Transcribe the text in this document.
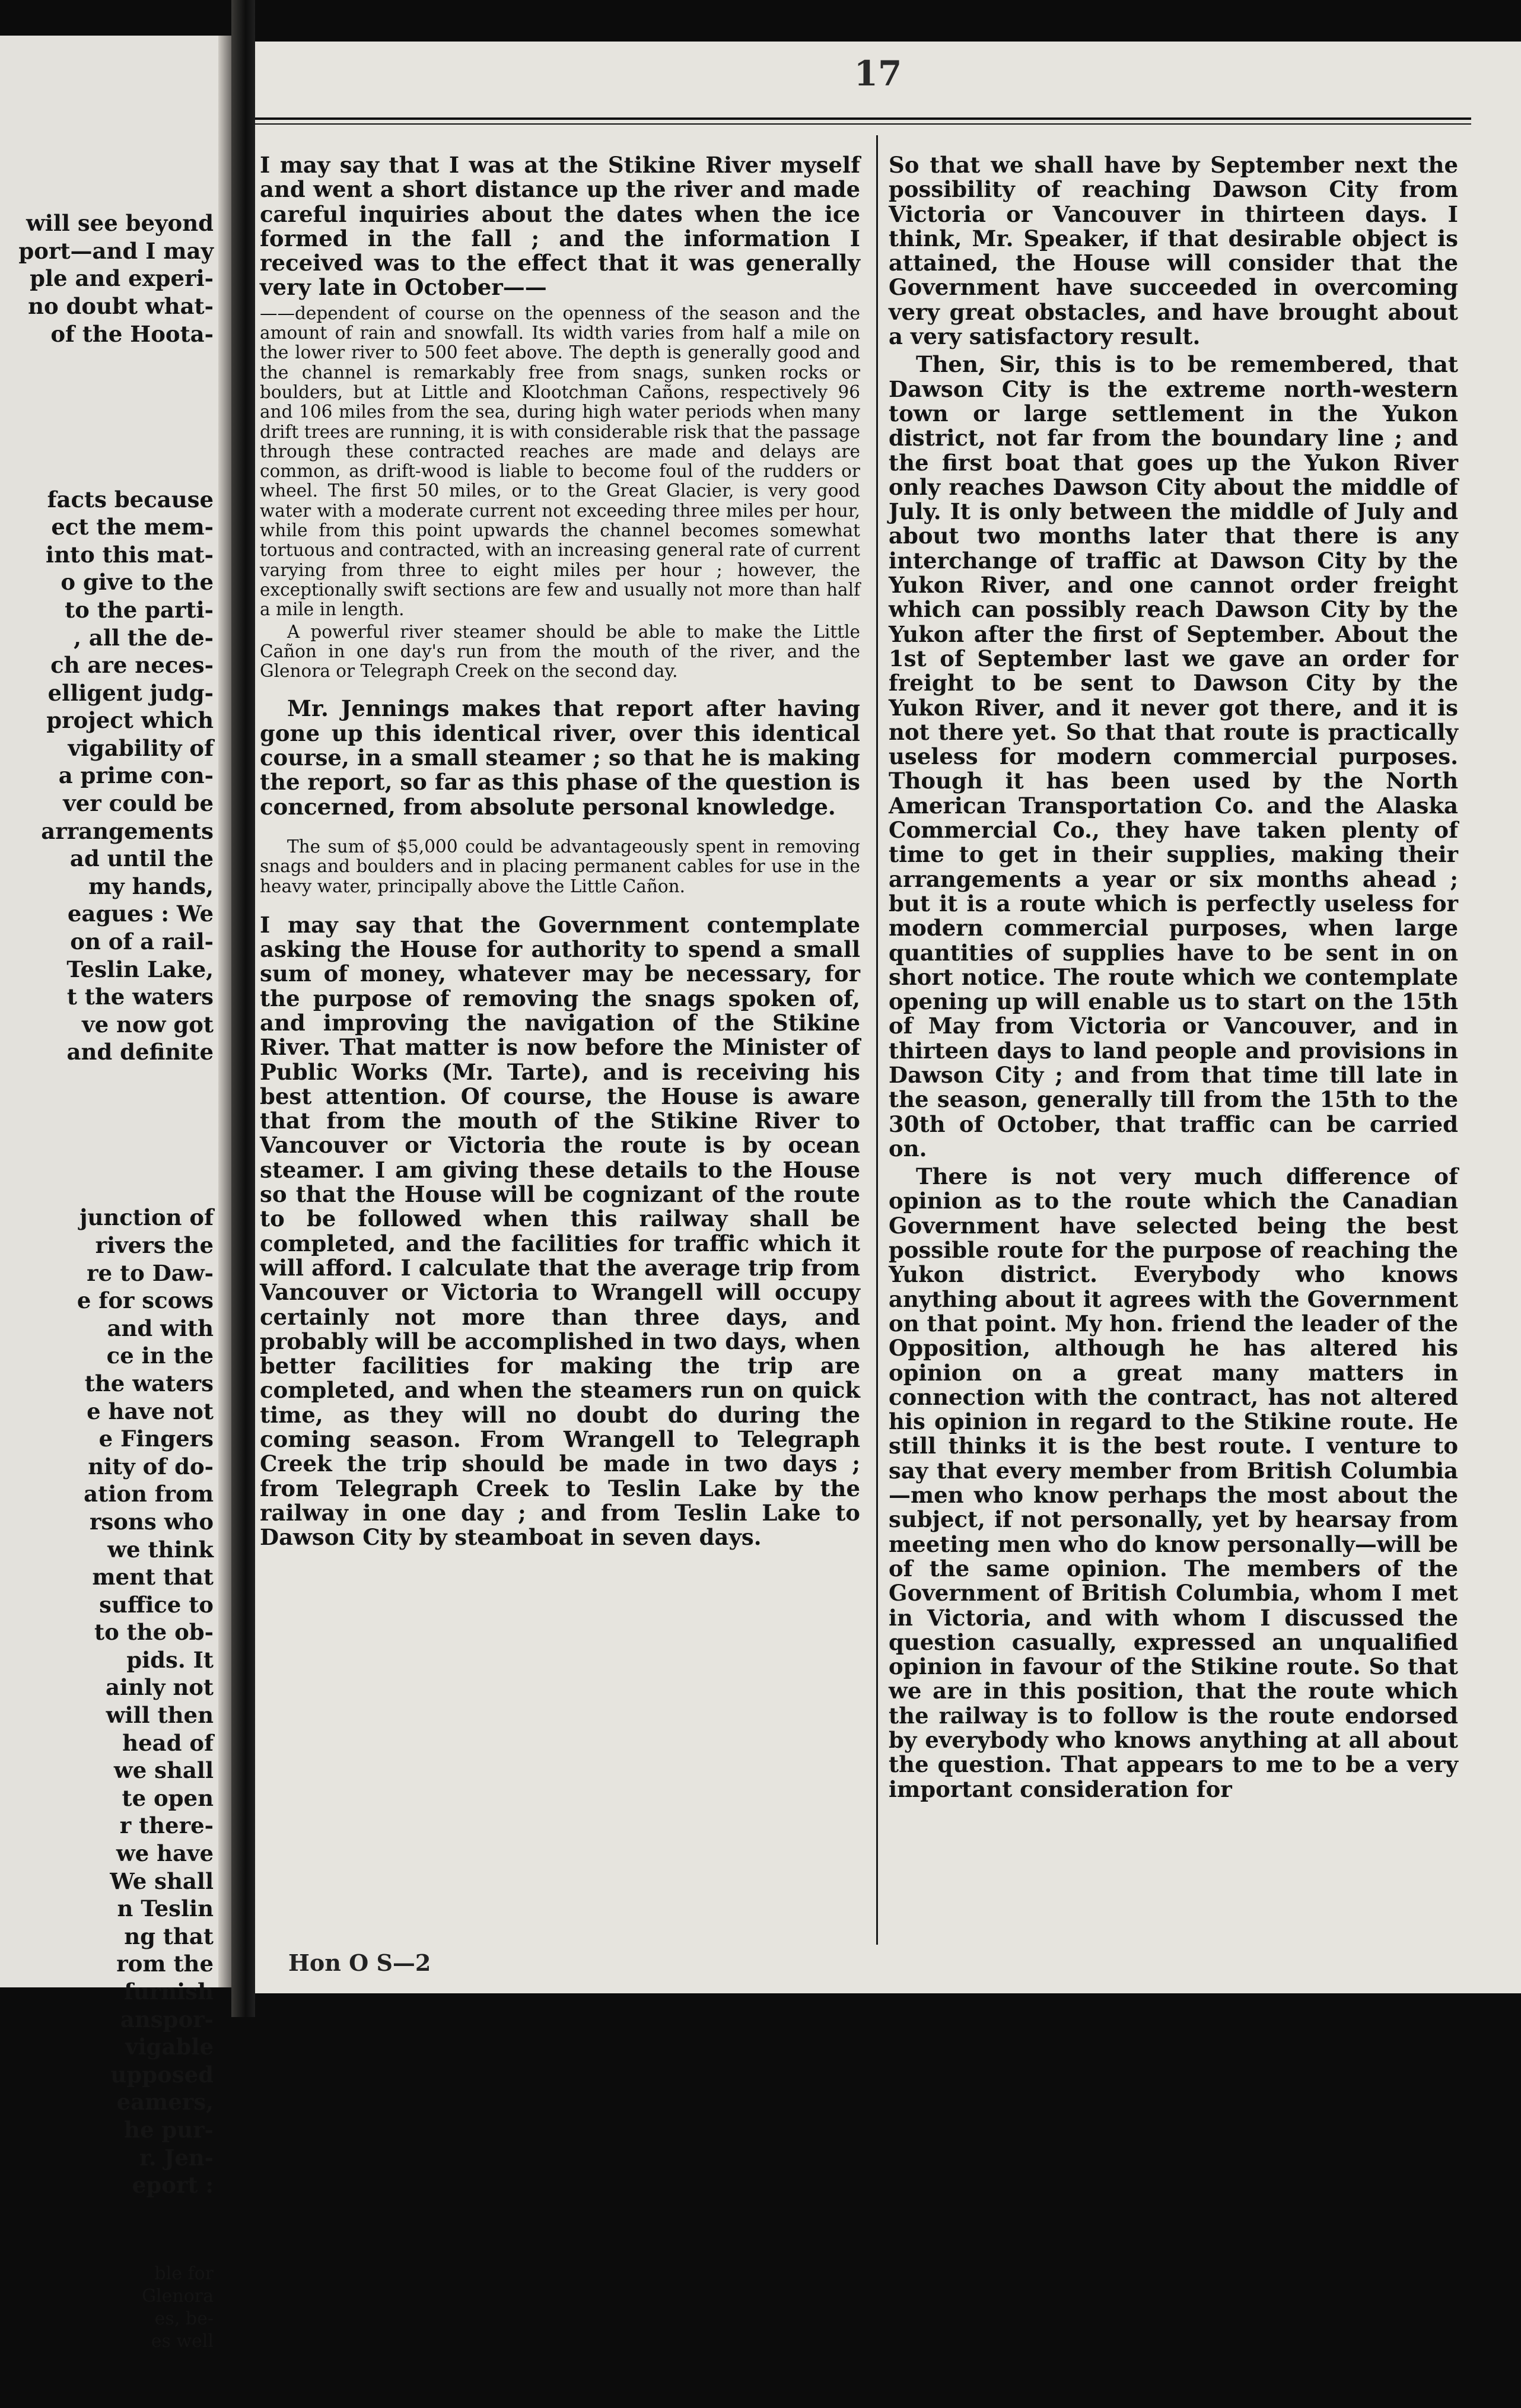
will see beyond
port—and I may
ple and experi-
no doubt what-
of the Hoota-

facts because
ect the mem-
into this mat-
o give to the
to the parti-
, all the de-
ch are neces-
elligent judg-
project which
vigability of
a prime con-
ver could be
arrangements
ad until the
my hands,
eagues : We
on of a rail-
Teslin Lake,
t the waters
ve now got
and definite

junction of
rivers the
re to Daw-
e for scows
and with
ce in the
the waters
e have not
e Fingers
nity of do-
ation from
rsons who
we think
ment that
suffice to
to the ob-
pids. It
ainly not
will then
head of
we shall
te open
r there-
we have
We shall
n Teslin
ng that
rom the
furnish
anspor-
vigable
upposed
eamers,
he pur-
r. Jen-
eport :

ble for
Glenora
es, be-
es well

17

I may say that I was at the Stikine River myself and went a short distance up the river and made careful inquiries about the dates when the ice formed in the fall ; and the information I received was to the effect that it was generally very late in October——

——dependent of course on the openness of the season and the amount of rain and snowfall. Its width varies from half a mile on the lower river to 500 feet above. The depth is generally good and the channel is remarkably free from snags, sunken rocks or boulders, but at Little and Klootchman Cañons, respectively 96 and 106 miles from the sea, during high water periods when many drift trees are running, it is with considerable risk that the passage through these contracted reaches are made and delays are common, as drift-wood is liable to become foul of the rudders or wheel. The first 50 miles, or to the Great Glacier, is very good water with a moderate current not exceeding three miles per hour, while from this point upwards the channel becomes somewhat tortuous and contracted, with an increasing general rate of current varying from three to eight miles per hour ; however, the exceptionally swift sections are few and usually not more than half a mile in length.

A powerful river steamer should be able to make the Little Cañon in one day's run from the mouth of the river, and the Glenora or Telegraph Creek on the second day.

Mr. Jennings makes that report after having gone up this identical river, over this identical course, in a small steamer ; so that he is making the report, so far as this phase of the question is concerned, from absolute personal knowledge.

The sum of $5,000 could be advantageously spent in removing snags and boulders and in placing permanent cables for use in the heavy water, principally above the Little Cañon.

I may say that the Government contemplate asking the House for authority to spend a small sum of money, whatever may be necessary, for the purpose of removing the snags spoken of, and improving the navigation of the Stikine River. That matter is now before the Minister of Public Works (Mr. Tarte), and is receiving his best attention. Of course, the House is aware that from the mouth of the Stikine River to Vancouver or Victoria the route is by ocean steamer. I am giving these details to the House so that the House will be cognizant of the route to be followed when this railway shall be completed, and the facilities for traffic which it will afford. I calculate that the average trip from Vancouver or Victoria to Wrangell will occupy certainly not more than three days, and probably will be accomplished in two days, when better facilities for making the trip are completed, and when the steamers run on quick time, as they will no doubt do during the coming season. From Wrangell to Telegraph Creek the trip should be made in two days ; from Telegraph Creek to Teslin Lake by the railway in one day ; and from Teslin Lake to Dawson City by steamboat in seven days.

So that we shall have by September next the possibility of reaching Dawson City from Victoria or Vancouver in thirteen days. I think, Mr. Speaker, if that desirable object is attained, the House will consider that the Government have succeeded in overcoming very great obstacles, and have brought about a very satisfactory result.

Then, Sir, this is to be remembered, that Dawson City is the extreme north-western town or large settlement in the Yukon district, not far from the boundary line ; and the first boat that goes up the Yukon River only reaches Dawson City about the middle of July. It is only between the middle of July and about two months later that there is any interchange of traffic at Dawson City by the Yukon River, and one cannot order freight which can possibly reach Dawson City by the Yukon after the first of September. About the 1st of September last we gave an order for freight to be sent to Dawson City by the Yukon River, and it never got there, and it is not there yet. So that that route is practically useless for modern commercial purposes. Though it has been used by the North American Transportation Co. and the Alaska Commercial Co., they have taken plenty of time to get in their supplies, making their arrangements a year or six months ahead ; but it is a route which is perfectly useless for modern commercial purposes, when large quantities of supplies have to be sent in on short notice. The route which we contemplate opening up will enable us to start on the 15th of May from Victoria or Vancouver, and in thirteen days to land people and provisions in Dawson City ; and from that time till late in the season, generally till from the 15th to the 30th of October, that traffic can be carried on.

There is not very much difference of opinion as to the route which the Canadian Government have selected being the best possible route for the purpose of reaching the Yukon district. Everybody who knows anything about it agrees with the Government on that point. My hon. friend the leader of the Opposition, although he has altered his opinion on a great many matters in connection with the contract, has not altered his opinion in regard to the Stikine route. He still thinks it is the best route. I venture to say that every member from British Columbia—men who know perhaps the most about the subject, if not personally, yet by hearsay from meeting men who do know personally—will be of the same opinion. The members of the Government of British Columbia, whom I met in Victoria, and with whom I discussed the question casually, expressed an unqualified opinion in favour of the Stikine route. So that we are in this position, that the route which the railway is to follow is the route endorsed by everybody who knows anything at all about the question. That appears to me to be a very important consideration for

Hon O S—2
